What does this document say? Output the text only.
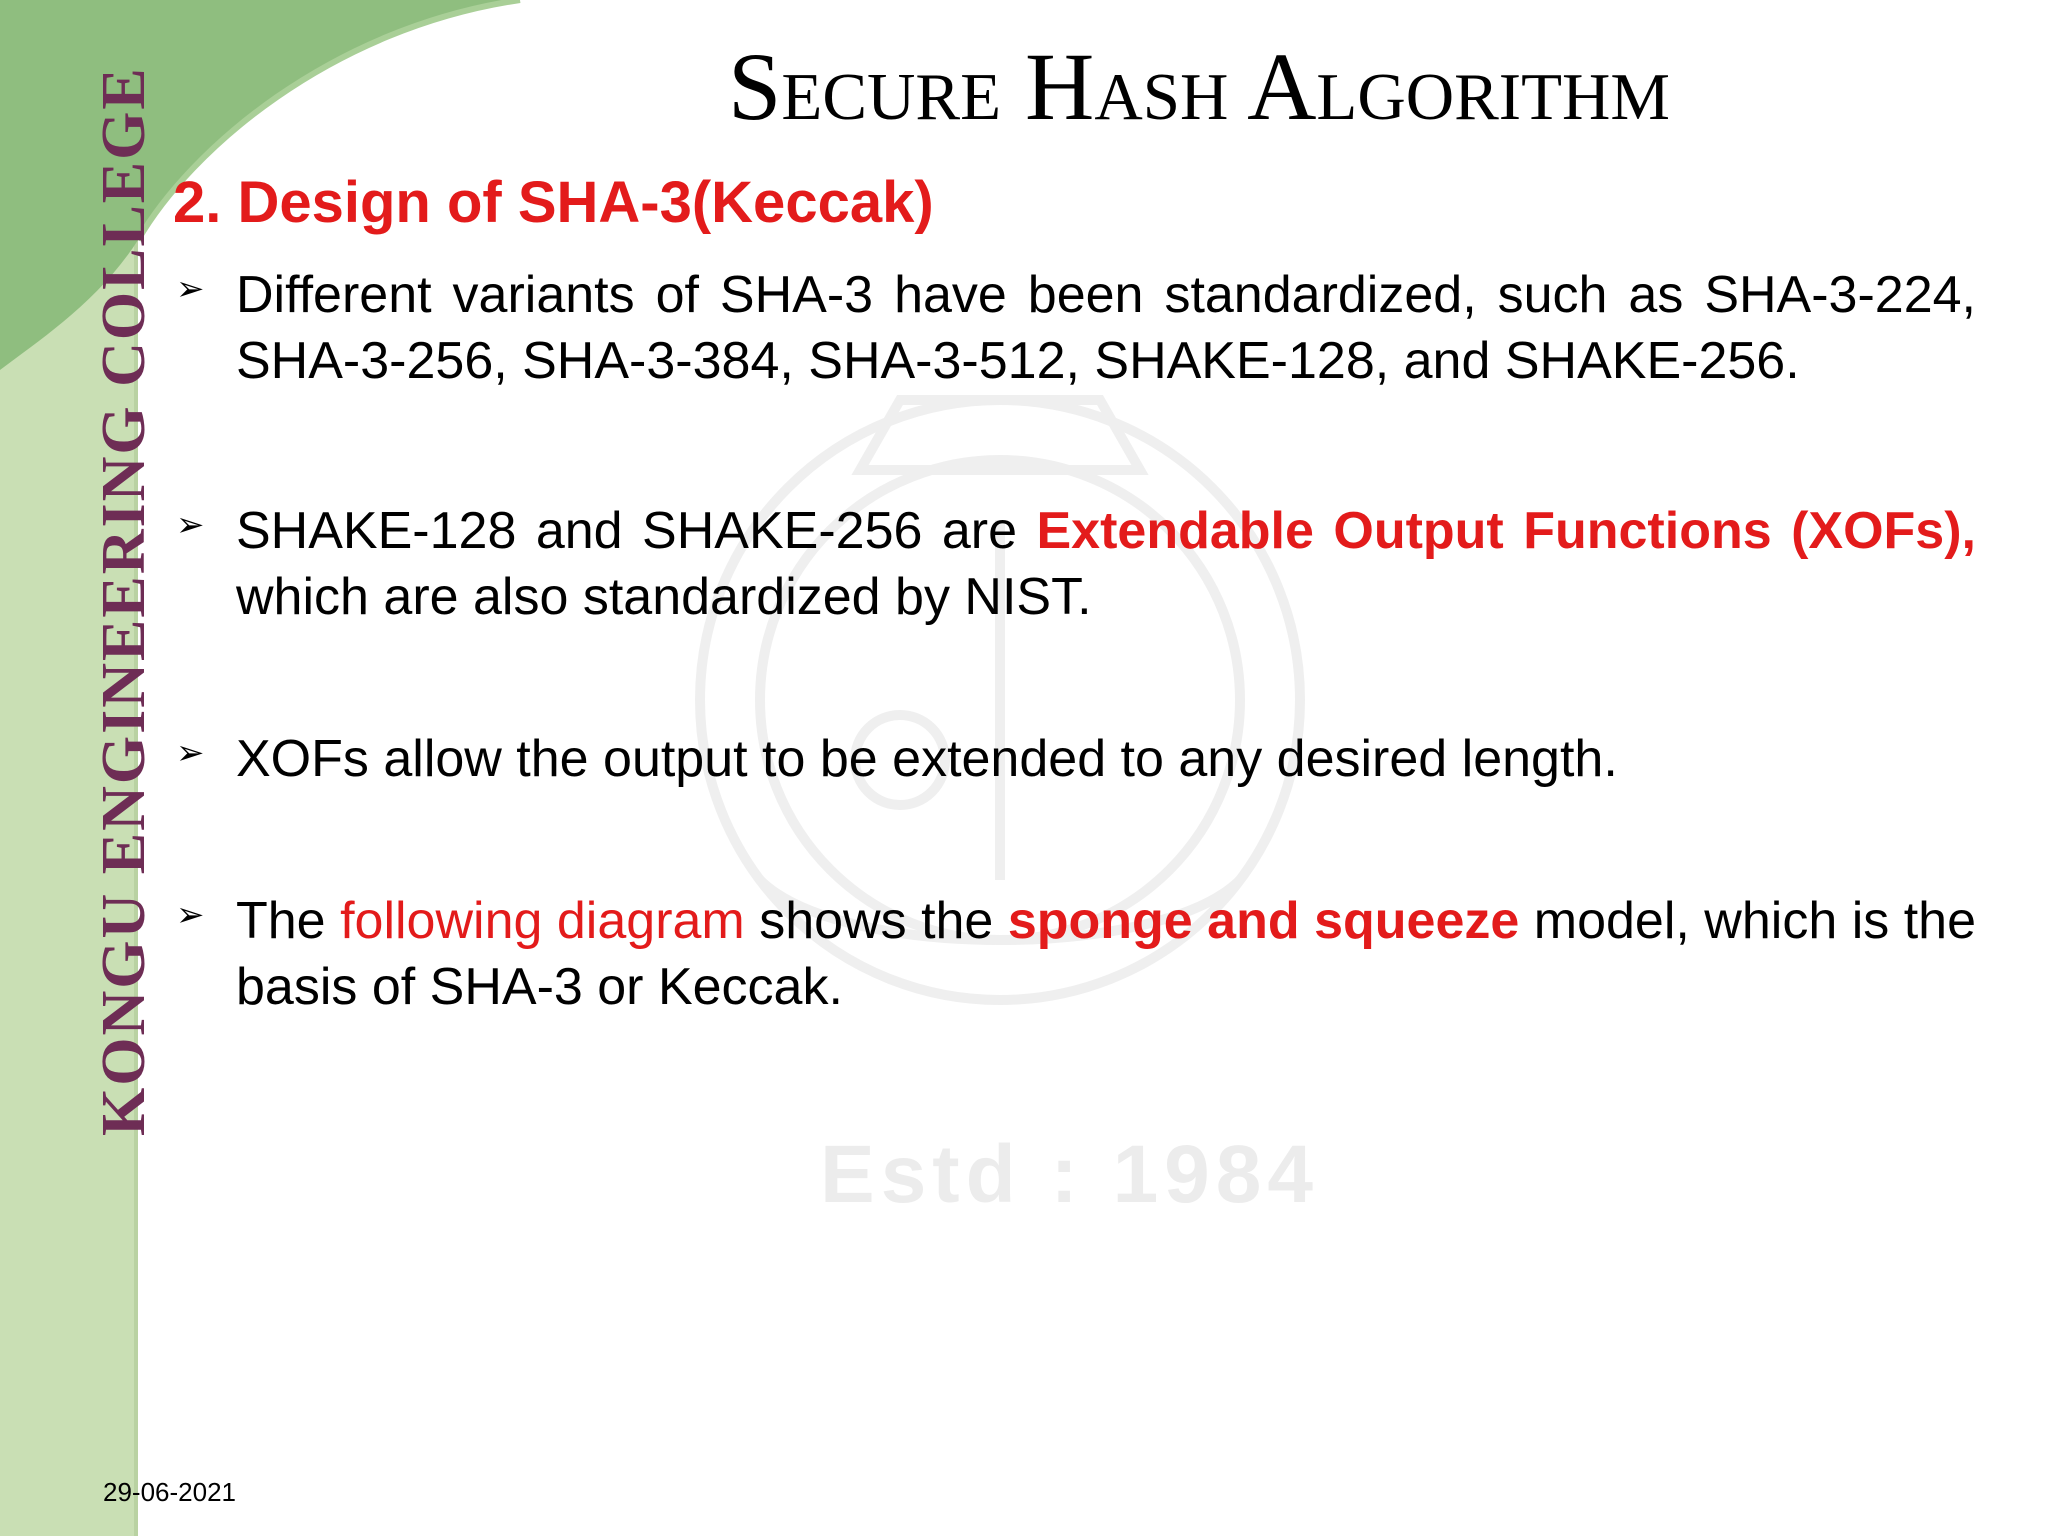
Estd : 1984
KONGU ENGINEERING COLLEGE	Secure Hash Algorithm
2. Design of SHA-3(Keccak)
➢ Different variants of SHA-3 have been standardized, such as SHA-3-224, SHA-3-256, SHA-3-384, SHA-3-512, SHAKE-128, and SHAKE-256.
➢ SHAKE-128 and SHAKE-256 are Extendable Output Functions (XOFs), which are also standardized by NIST.
➢ XOFs allow the output to be extended to any desired length.
➢ The following diagram shows the sponge and squeeze model, which is the basis of SHA-3 or Keccak.
29-06-2021
